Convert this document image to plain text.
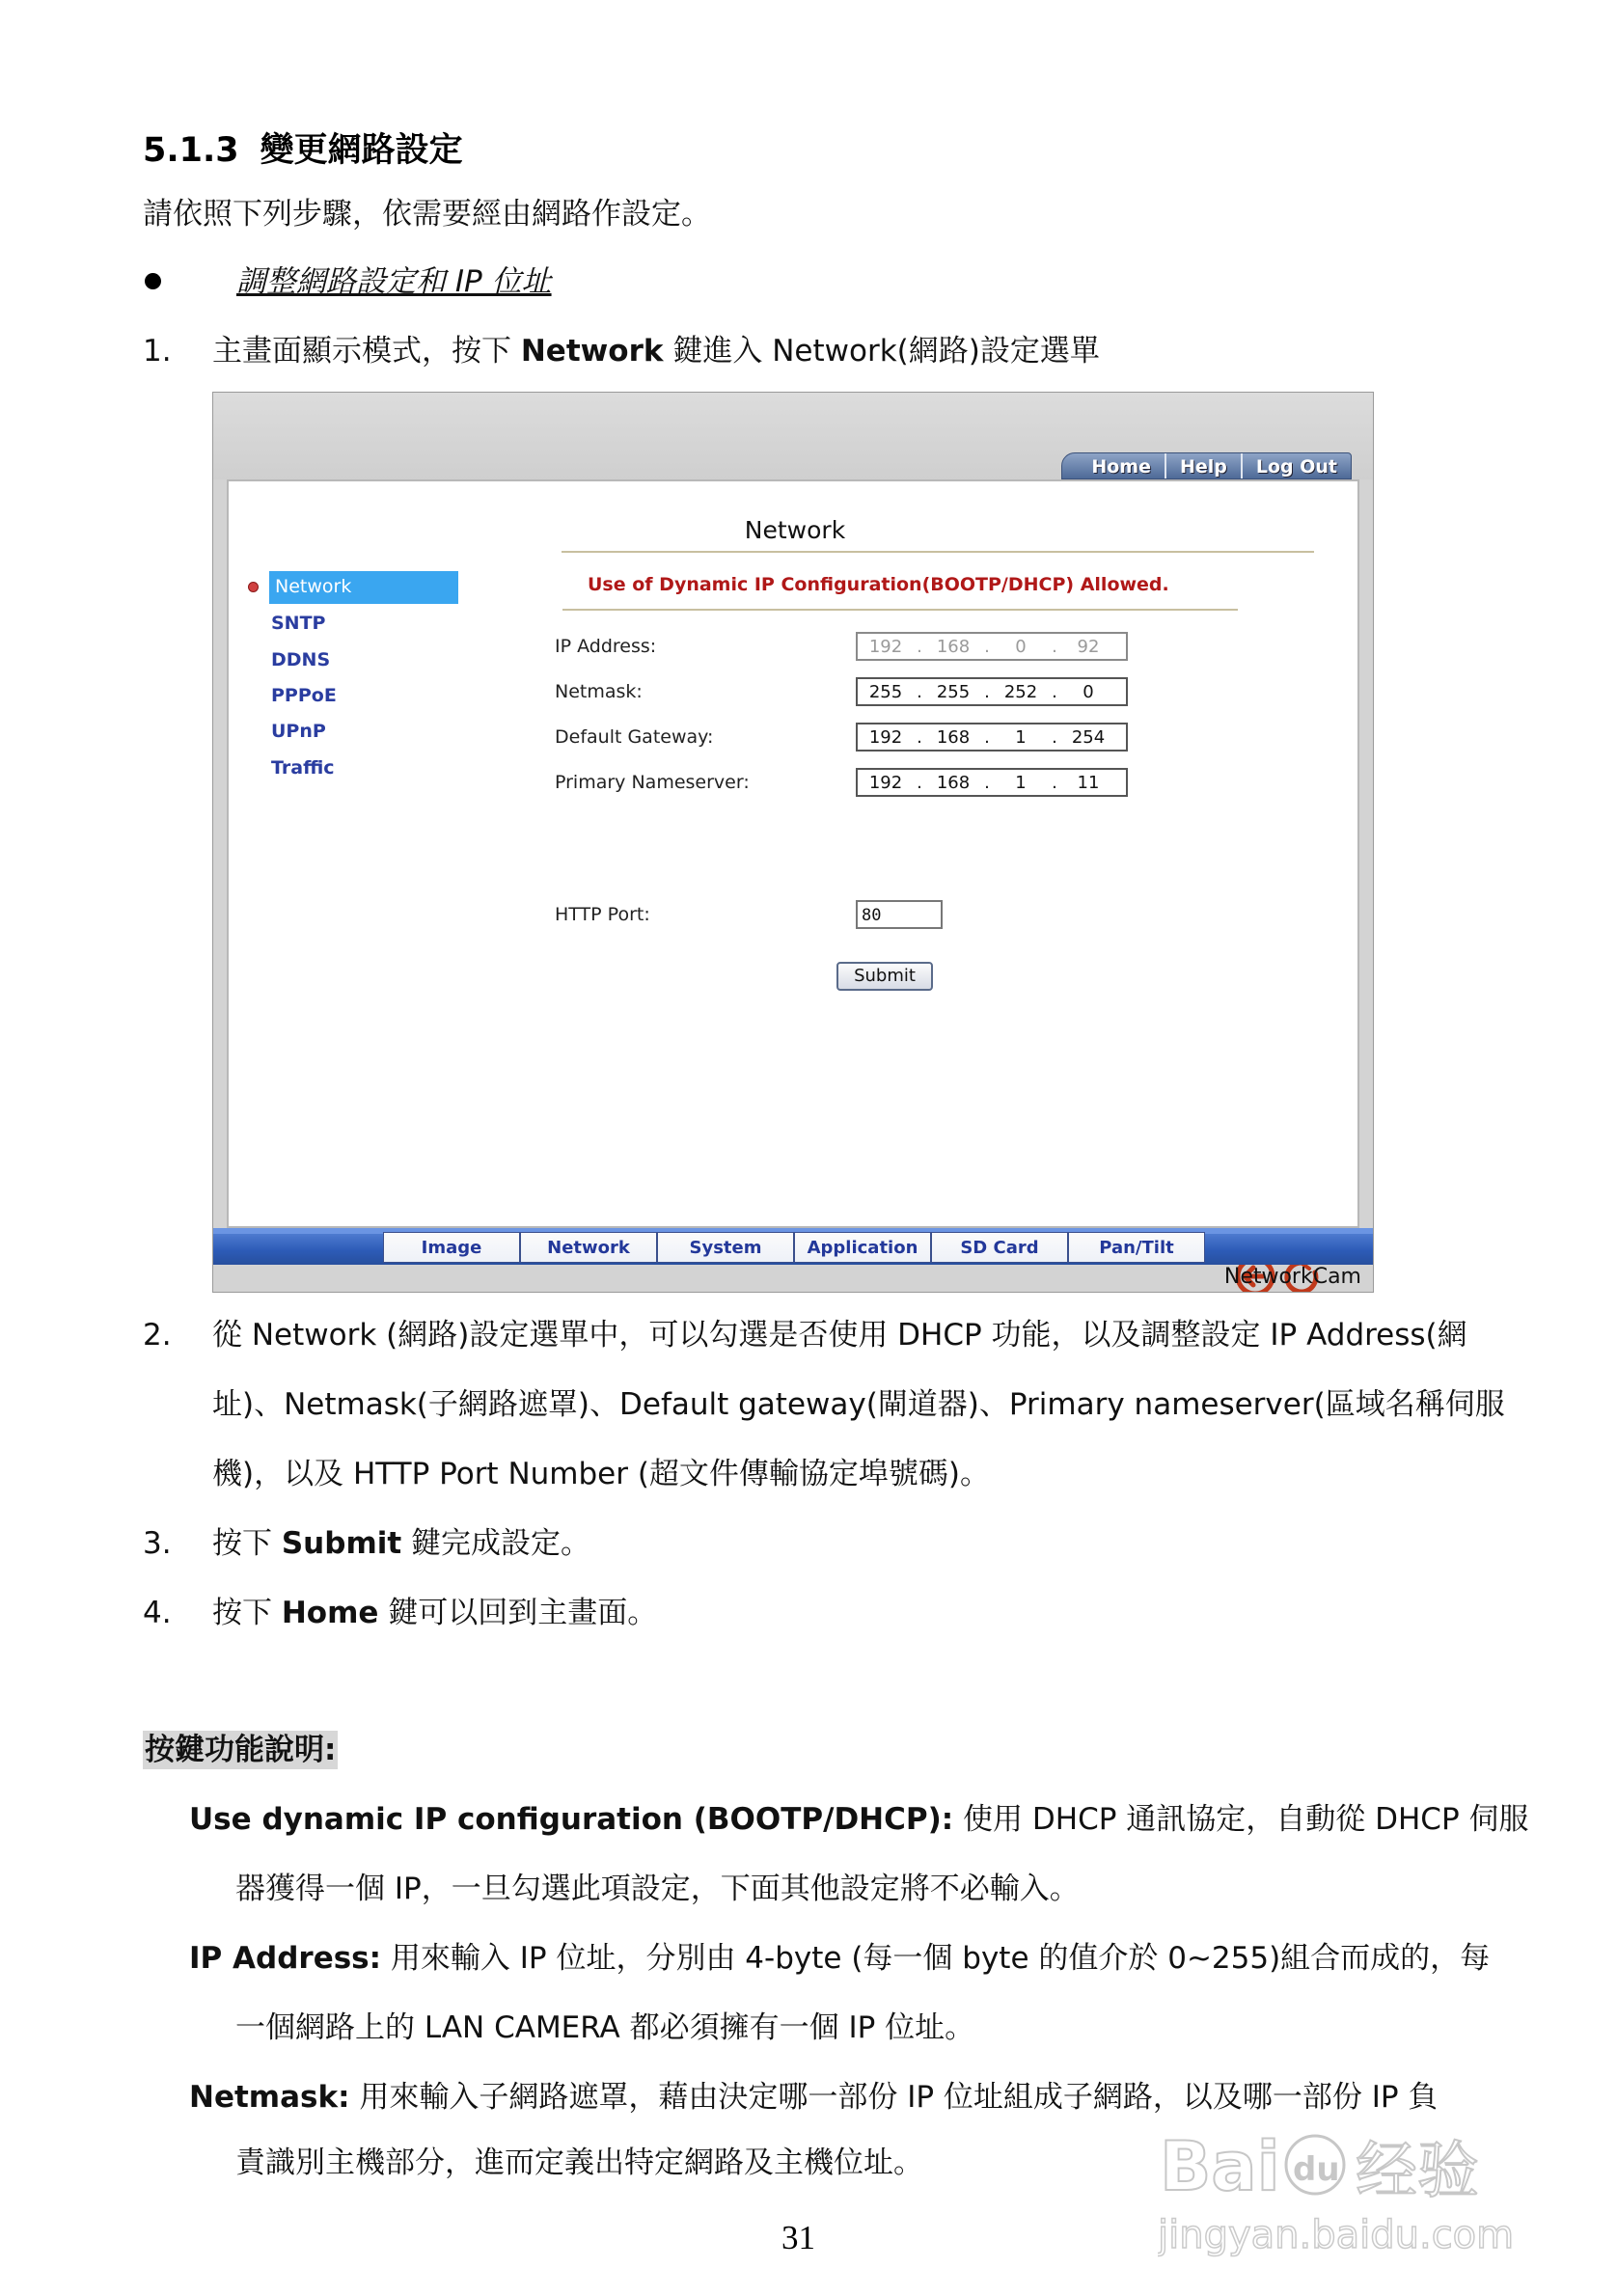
5.1.3 變更網路設定
請依照下列步驟，依需要經由網路作設定。
調整網路設定和 IP 位址
1. 主畫面顯示模式，按下 Network 鍵進入 Network(網路)設定選單
Home	Help	Log Out
Network
Network
SNTP
DDNS
PPPoE
UPnP
Traffic
Use of Dynamic IP Configuration(BOOTP/DHCP) Allowed.
IP Address:	192 . 168 .	0	.	92
Netmask:	255 . 255 . 252 .	0
Default Gateway:	192 . 168 .	1	. 254
Primary Nameserver:	192 . 168 .	1	.	11
HTTP Port:	80
Submit
Image	Network	System	Application	SD Card	Pan/Tilt
NetworkCam
2. 從 Network (網路)設定選單中，可以勾選是否使用 DHCP 功能，以及調整設定 IP Address(網
址)、Netmask(子網路遮罩)、Default gateway(閘道器)、Primary nameserver(區域名稱伺服
機)，以及 HTTP Port Number (超文件傳輸協定埠號碼)。
3. 按下 Submit 鍵完成設定。
4. 按下 Home 鍵可以回到主畫面。
按鍵功能說明:
Use dynamic IP configuration (BOOTP/DHCP): 使用 DHCP 通訊協定，自動從 DHCP 伺服
器獲得一個 IP，一旦勾選此項設定，下面其他設定將不必輸入。
IP Address: 用來輸入 IP 位址，分別由 4-byte (每一個 byte 的值介於 0~255)組合而成的，每
一個網路上的 LAN CAMERA 都必須擁有一個 IP 位址。
Netmask: 用來輸入子網路遮罩，藉由決定哪一部份 IP 位址組成子網路，以及哪一部份 IP 負
責識別主機部分，進而定義出特定網路及主機位址。
31
Bai du 经验
jingyan.baidu.com
